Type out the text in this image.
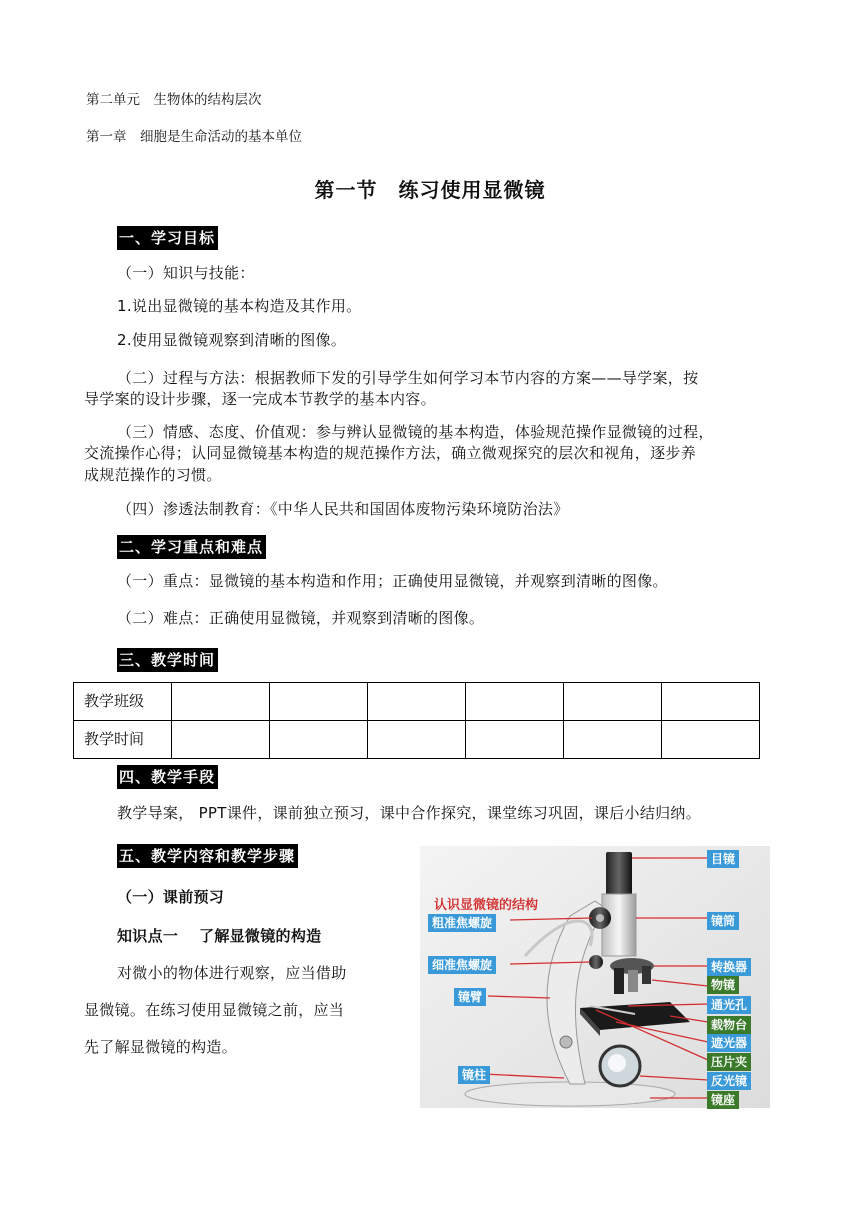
第二单元　生物体的结构层次
第一章　细胞是生命活动的基本单位
第一节　练习使用显微镜
一、学习目标
（一）知识与技能：
1.说出显微镜的基本构造及其作用。
2.使用显微镜观察到清晰的图像。
（二）过程与方法：根据教师下发的引导学生如何学习本节内容的方案——导学案，按
导学案的设计步骤，逐一完成本节教学的基本内容。
（三）情感、态度、价值观：参与辨认显微镜的基本构造，体验规范操作显微镜的过程，
交流操作心得；认同显微镜基本构造的规范操作方法，确立微观探究的层次和视角，逐步养
成规范操作的习惯。
（四）渗透法制教育：《中华人民共和国固体废物污染环境防治法》
二、学习重点和难点
（一）重点：显微镜的基本构造和作用；正确使用显微镜，并观察到清晰的图像。
（二）难点：正确使用显微镜，并观察到清晰的图像。
三、教学时间
教学班级						
教学时间						
四、教学手段
教学导案， PPT课件，课前独立预习，课中合作探究，课堂练习巩固，课后小结归纳。
五、教学内容和教学步骤
（一）课前预习
知识点一　 了解显微镜的构造
对微小的物体进行观察，应当借助
显微镜。在练习使用显微镜之前，应当
先了解显微镜的构造。
认识显微镜的结构
目镜
粗准焦螺旋	镜筒
细准焦螺旋	转换器
物镜
镜臂
通光孔
载物台
遮光器
压片夹
镜柱	反光镜
镜座
